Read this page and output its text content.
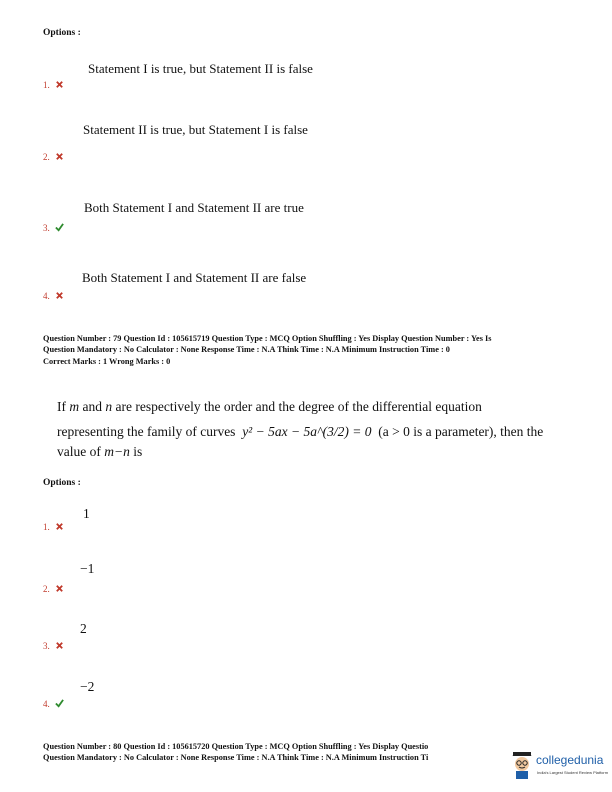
Options :
Statement I is true, but Statement II is false
1.
Statement II is true, but Statement I is false
2.
Both Statement I and Statement II are true
3.
Both Statement I and Statement II are false
4.
Question Number : 79 Question Id : 105615719 Question Type : MCQ Option Shuffling : Yes Display Question Number : Yes Is
Question Mandatory : No Calculator : None Response Time : N.A Think Time : N.A Minimum Instruction Time : 0
Correct Marks : 1 Wrong Marks : 0
If m and n are respectively the order and the degree of the differential equation
representing the family of curves y² − 5ax − 5a^(3/2) = 0 (a > 0 is a parameter), then the
value of m−n is
Options :
1
1.
−1
2.
2
3.
−2
4.
Question Number : 80 Question Id : 105615720 Question Type : MCQ Option Shuffling : Yes Display Questio
Question Mandatory : No Calculator : None Response Time : N.A Think Time : N.A Minimum Instruction Ti	collegedunia
India's Largest Student Review Platform
